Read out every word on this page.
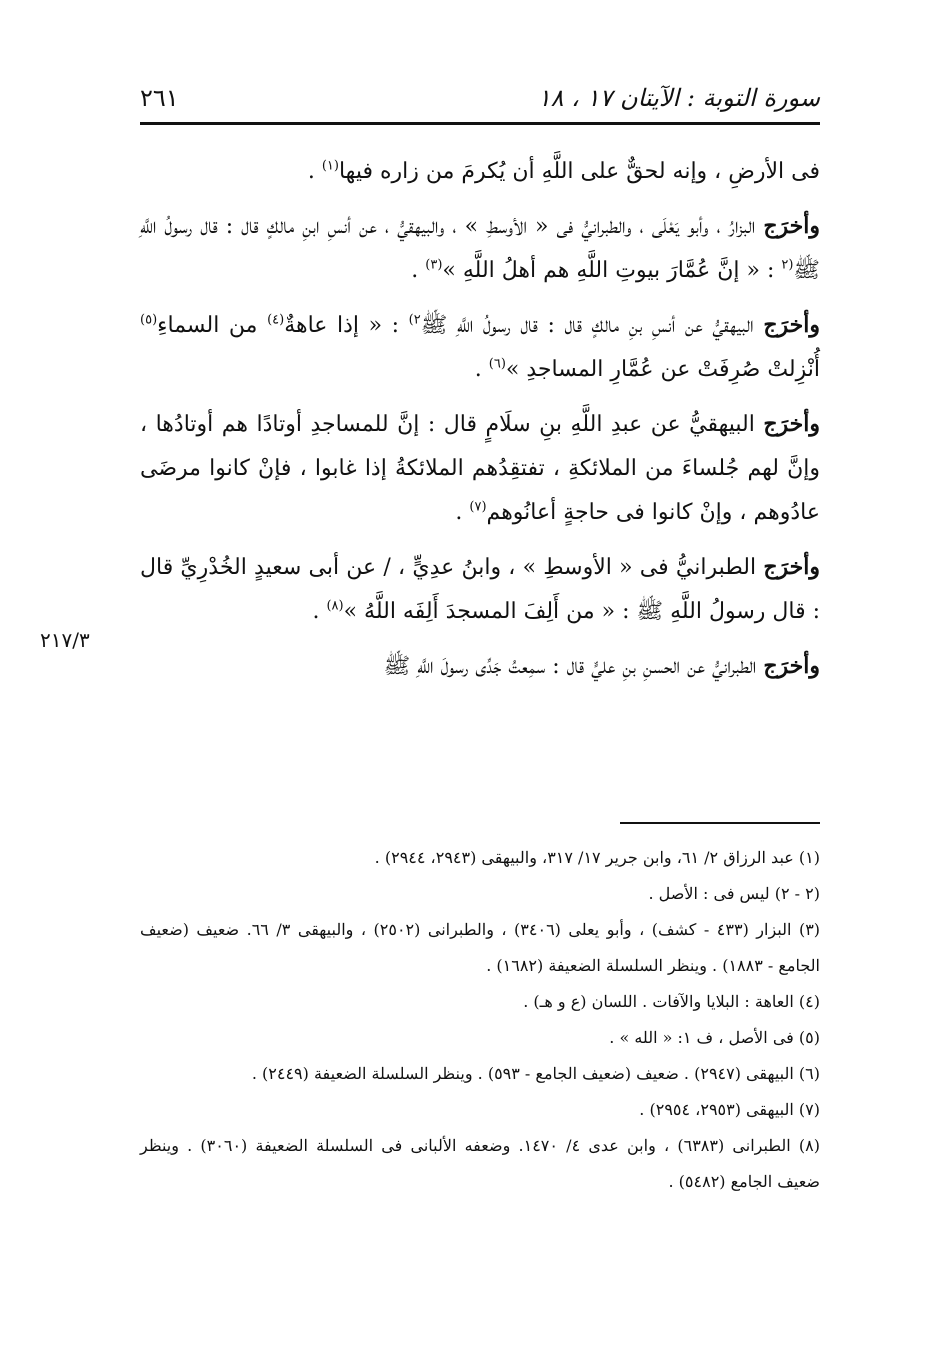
سورة التوبة : الآيتان ١٧ ، ١٨
٢٦١
٢١٧/٣

فى الأرضِ ، وإنه لحقٌّ على اللَّهِ أن يُكرمَ من زاره فيها$^{(١)}$ .

وأخرَج البزارُ ، وأبو يَعْلَى ، والطبرانيُّ فى « الأوسطِ » ، والبيهقيُّ ، عن أنسِ ابنِ مالكٍ قال : قال رسولُ اللَّهِ ﷺ$^{(٢}$ : « إنَّ عُمَّارَ بيوتِ اللَّهِ هم أهلُ اللَّهِ »$^{(٣)}$ .

وأخرَج البيهقيُّ عن أنسِ بنِ مالكٍ قال : قال رسولُ اللَّهِ ﷺ$^{٢)}$ : « إذا عاهةٌ$^{(٤)}$ من السماءِ$^{(٥)}$ أُنْزِلتْ صُرِفَتْ عن عُمَّارِ المساجدِ »$^{(٦)}$ .

وأخرَج البيهقيُّ عن عبدِ اللَّهِ بنِ سلَامٍ قال : إنَّ للمساجدِ أوتادًا هم أوتادُها ، وإنَّ لهم جُلساءَ من الملائكةِ ، تفتقِدُهم الملائكةُ إذا غابوا ، فإنْ كانوا مرضَى عادُوهم ، وإنْ كانوا فى حاجةٍ أعانُوهم$^{(٧)}$ .

وأخرَج الطبرانيُّ فى « الأوسطِ » ، وابنُ عدِيٍّ ، / عن أبى سعيدٍ الخُدْرِيِّ قال : قال رسولُ اللَّهِ ﷺ : « من أَلِفَ المسجدَ أَلِفَه اللَّهُ »$^{(٨)}$ .

وأخرَج الطبرانيُّ عن الحسنِ بنِ عليٍّ قال : سمِعتُ جَدِّى رسولَ اللَّهِ ﷺ

(١) عبد الرزاق ٢/ ٦١، وابن جرير ١٧/ ٣١٧، والبيهقى (٢٩٤٣، ٢٩٤٤) .

(٢ - ٢) ليس فى : الأصل .

(٣) البزار (٤٣٣ - كشف) ، وأبو يعلى (٣٤٠٦) ، والطبرانى (٢٥٠٢) ، والبيهقى ٣/ ٦٦. ضعيف (ضعيف الجامع - ١٨٨٣) . وينظر السلسلة الضعيفة (١٦٨٢) .

(٤) العاهة : البلايا والآفات . اللسان (ع و هـ) .

(٥) فى الأصل ، ف ١: « الله » .

(٦) البيهقى (٢٩٤٧) . ضعيف (ضعيف الجامع - ٥٩٣) . وينظر السلسلة الضعيفة (٢٤٤٩) .

(٧) البيهقى (٢٩٥٣، ٢٩٥٤) .

(٨) الطبرانى (٦٣٨٣) ، وابن عدى ٤/ ١٤٧٠. وضعفه الألبانى فى السلسلة الضعيفة (٣٠٦٠) . وينظر ضعيف الجامع (٥٤٨٢) .
